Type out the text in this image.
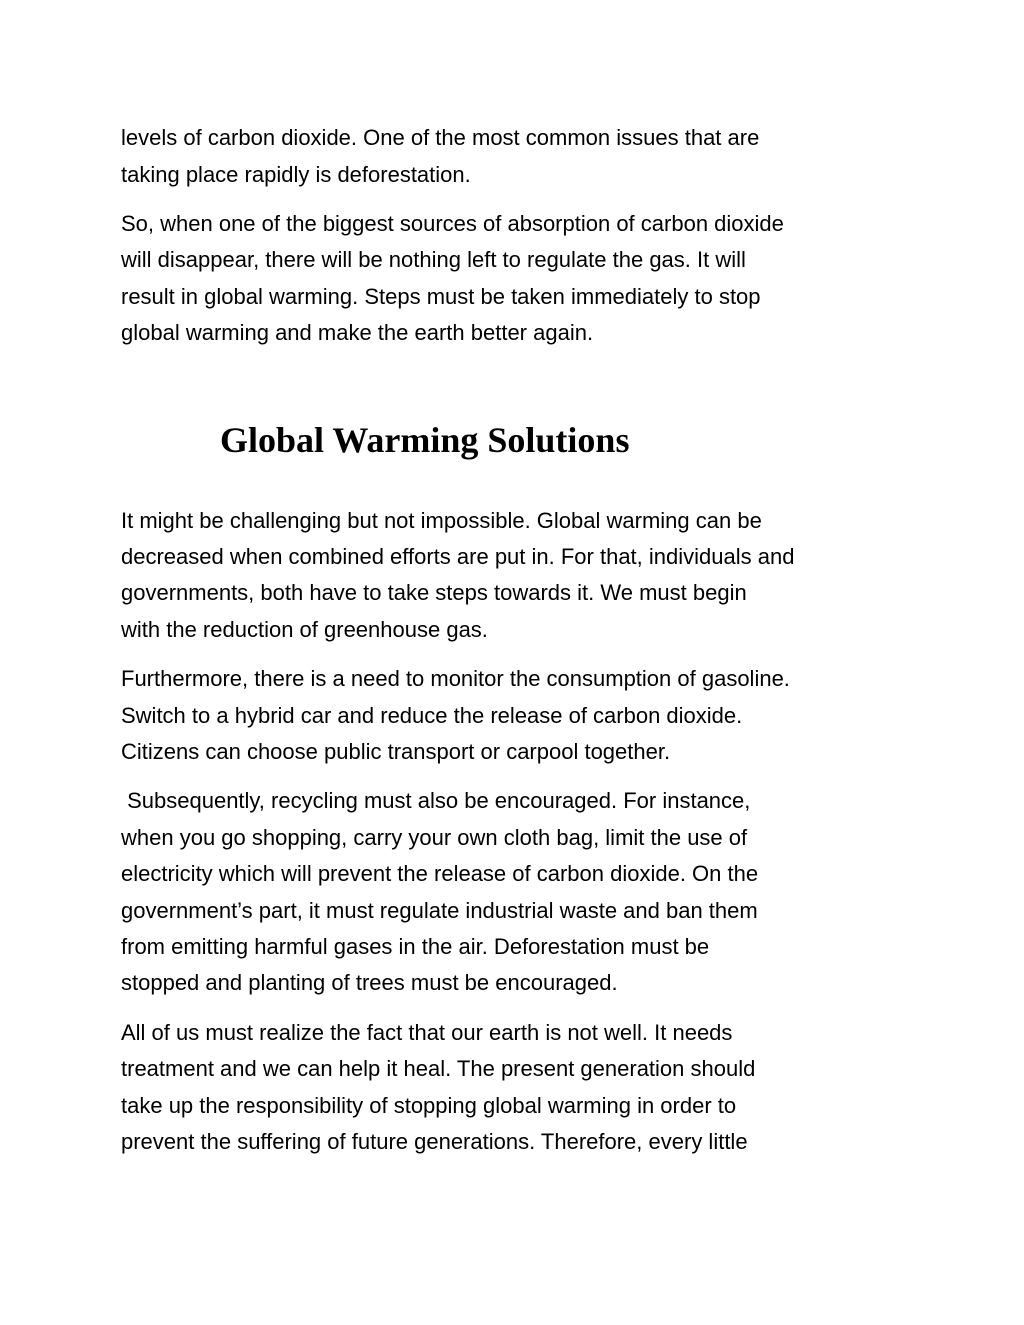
levels of carbon dioxide. One of the most common issues that are
taking place rapidly is deforestation.
So, when one of the biggest sources of absorption of carbon dioxide
will disappear, there will be nothing left to regulate the gas. It will
result in global warming. Steps must be taken immediately to stop
global warming and make the earth better again.
Global Warming Solutions
It might be challenging but not impossible. Global warming can be
decreased when combined efforts are put in. For that, individuals and
governments, both have to take steps towards it. We must begin
with the reduction of greenhouse gas.
Furthermore, there is a need to monitor the consumption of gasoline.
Switch to a hybrid car and reduce the release of carbon dioxide.
Citizens can choose public transport or carpool together.
Subsequently, recycling must also be encouraged. For instance,
when you go shopping, carry your own cloth bag, limit the use of
electricity which will prevent the release of carbon dioxide. On the
government’s part, it must regulate industrial waste and ban them
from emitting harmful gases in the air. Deforestation must be
stopped and planting of trees must be encouraged.
All of us must realize the fact that our earth is not well. It needs
treatment and we can help it heal. The present generation should
take up the responsibility of stopping global warming in order to
prevent the suffering of future generations. Therefore, every little
